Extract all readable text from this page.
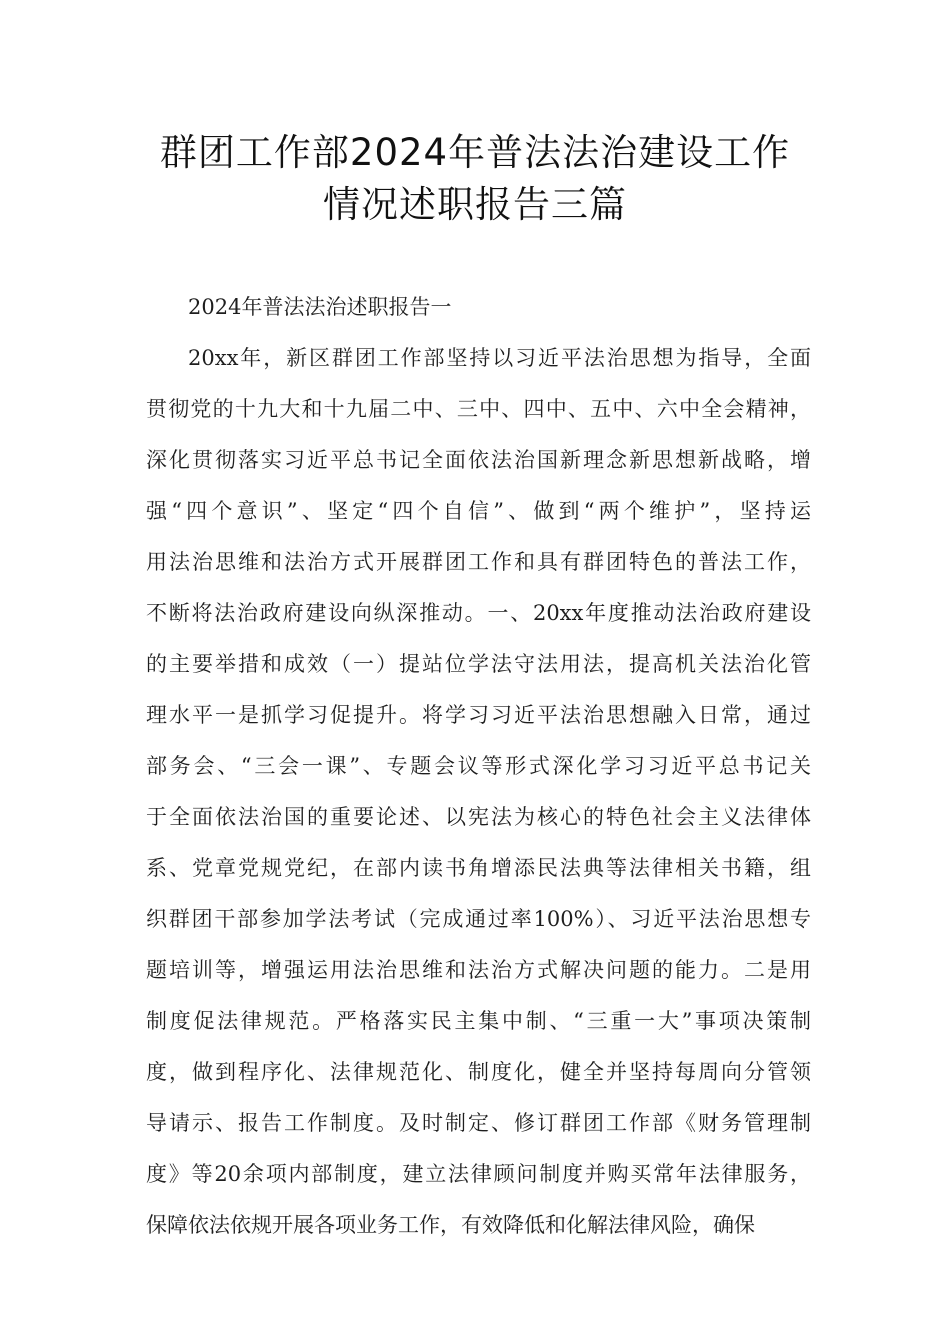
群团工作部2024年普法法治建设工作
情况述职报告三篇

2024年普法法治述职报告一

20xx年，新区群团工作部坚持以习近平法治思想为指导，全面

贯彻党的十九大和十九届二中、三中、四中、五中、六中全会精神，

深化贯彻落实习近平总书记全面依法治国新理念新思想新战略，增

强“四个意识”、坚定“四个自信”、做到“两个维护”，坚持运

用法治思维和法治方式开展群团工作和具有群团特色的普法工作，

不断将法治政府建设向纵深推动。一、20xx年度推动法治政府建设

的主要举措和成效（一）提站位学法守法用法，提高机关法治化管

理水平一是抓学习促提升。将学习习近平法治思想融入日常，通过

部务会、“三会一课”、专题会议等形式深化学习习近平总书记关

于全面依法治国的重要论述、以宪法为核心的特色社会主义法律体

系、党章党规党纪，在部内读书角增添民法典等法律相关书籍，组

织群团干部参加学法考试（完成通过率100%）、习近平法治思想专

题培训等，增强运用法治思维和法治方式解决问题的能力。二是用

制度促法律规范。严格落实民主集中制、“三重一大”事项决策制

度，做到程序化、法律规范化、制度化，健全并坚持每周向分管领

导请示、报告工作制度。及时制定、修订群团工作部《财务管理制

度》等20余项内部制度，建立法律顾问制度并购买常年法律服务，

保障依法依规开展各项业务工作，有效降低和化解法律风险，确保
